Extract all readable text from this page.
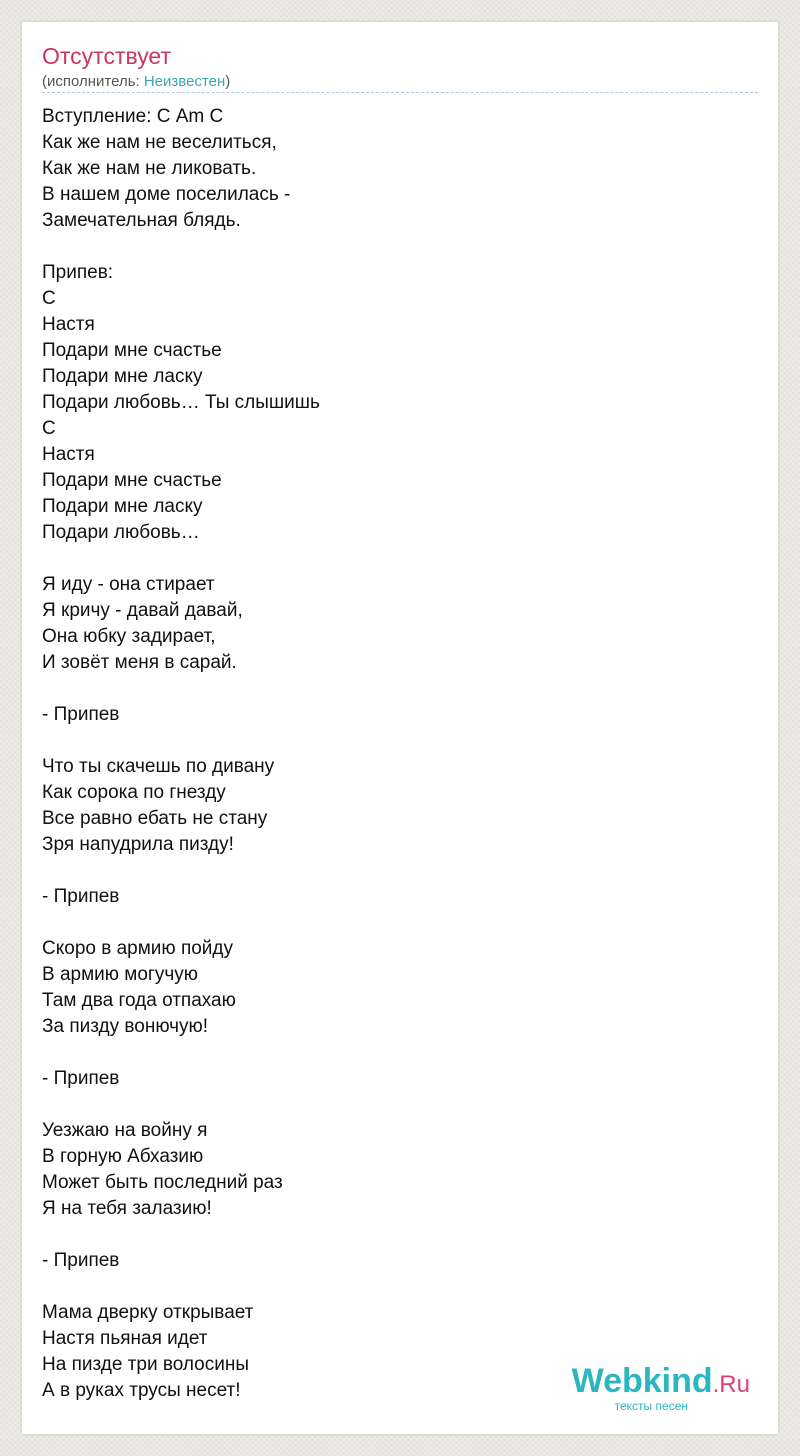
Отсутствует
(исполнитель: Неизвестен)
Вступление: С Am C
Как же нам не веселиться,
Как же нам не ликовать.
В нашем доме поселилась -
Замечательная блядь.

Припев:
С
Настя
Подари мне счастье
Подари мне ласку
Подари любовь… Ты слышишь
С
Настя
Подари мне счастье
Подари мне ласку
Подари любовь…

Я иду - она стирает
Я кричу - давай давай,
Она юбку задирает,
И зовёт меня в сарай.

- Припев

Что ты скачешь по дивану
Как сорока по гнезду
Все равно ебать не стану
Зря напудрила пизду!

- Припев

Скоро в армию пойду
В армию могучую
Там два года отпахаю
За пизду вонючую!

- Припев

Уезжаю на войну я
В горную Абхазию
Может быть последний раз
Я на тебя залазию!

- Припев

Мама дверку открывает
Настя пьяная идет
На пизде три волосины
А в руках трусы несет!	Webkind.Ru
тексты песен
